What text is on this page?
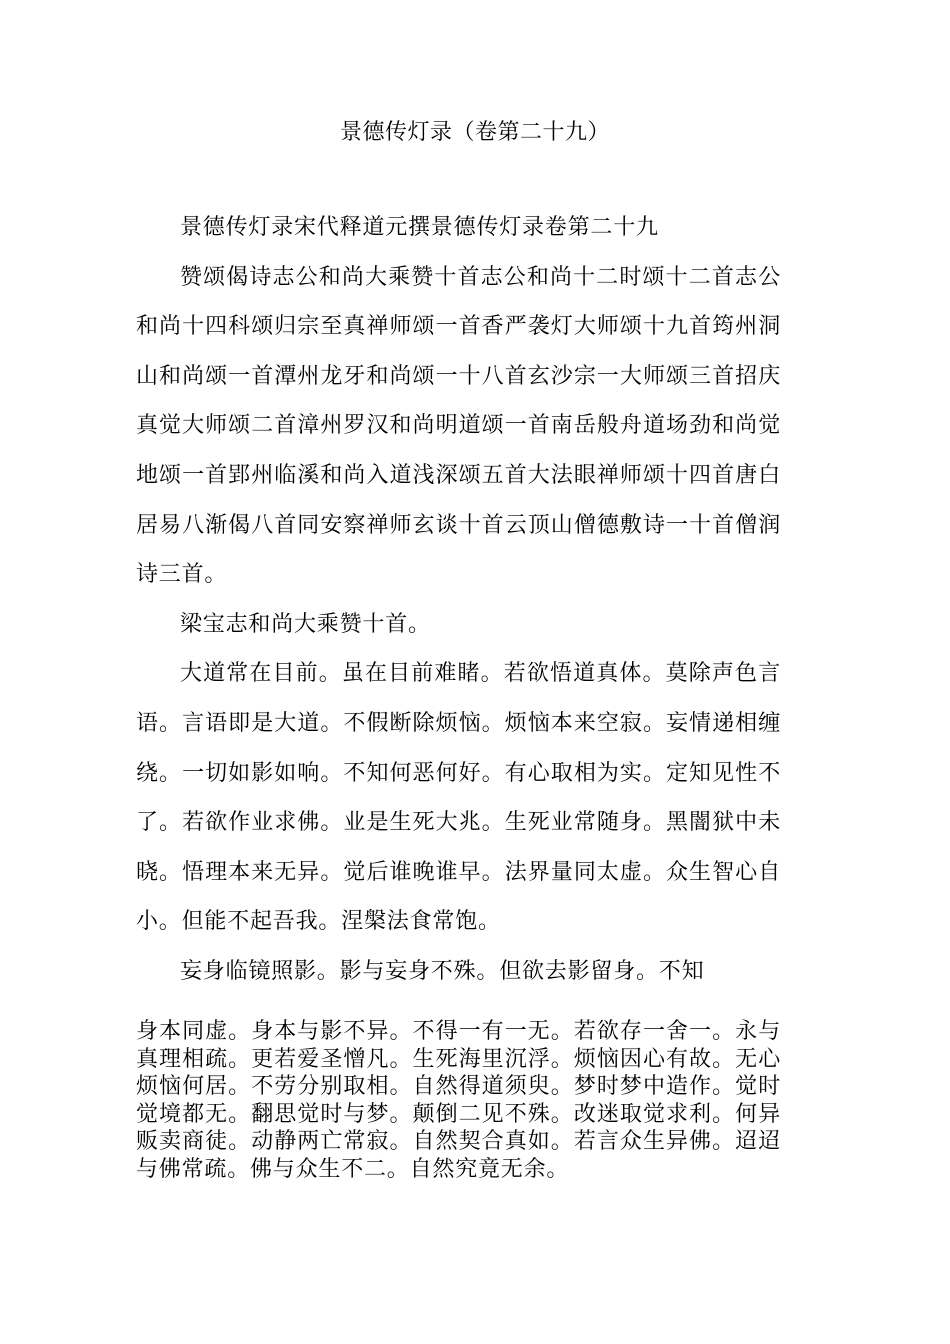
景德传灯录（卷第二十九）

景德传灯录宋代释道元撰景德传灯录卷第二十九

赞颂偈诗志公和尚大乘赞十首志公和尚十二时颂十二首志公和尚十四科颂归宗至真禅师颂一首香严袭灯大师颂十九首筠州洞山和尚颂一首潭州龙牙和尚颂一十八首玄沙宗一大师颂三首招庆真觉大师颂二首漳州罗汉和尚明道颂一首南岳般舟道场劲和尚觉地颂一首郢州临溪和尚入道浅深颂五首大法眼禅师颂十四首唐白居易八渐偈八首同安察禅师玄谈十首云顶山僧德敷诗一十首僧润诗三首。

梁宝志和尚大乘赞十首。

大道常在目前。虽在目前难睹。若欲悟道真体。莫除声色言语。言语即是大道。不假断除烦恼。烦恼本来空寂。妄情递相缠绕。一切如影如响。不知何恶何好。有心取相为实。定知见性不了。若欲作业求佛。业是生死大兆。生死业常随身。黑闇狱中未晓。悟理本来无异。觉后谁晚谁早。法界量同太虚。众生智心自小。但能不起吾我。涅槃法食常饱。

妄身临镜照影。影与妄身不殊。但欲去影留身。不知

身本同虚。身本与影不异。不得一有一无。若欲存一舍一。永与真理相疏。更若爱圣憎凡。生死海里沉浮。烦恼因心有故。无心烦恼何居。不劳分别取相。自然得道须臾。梦时梦中造作。觉时觉境都无。翻思觉时与梦。颠倒二见不殊。改迷取觉求利。何异贩卖商徒。动静两亡常寂。自然契合真如。若言众生异佛。迢迢与佛常疏。佛与众生不二。自然究竟无余。
